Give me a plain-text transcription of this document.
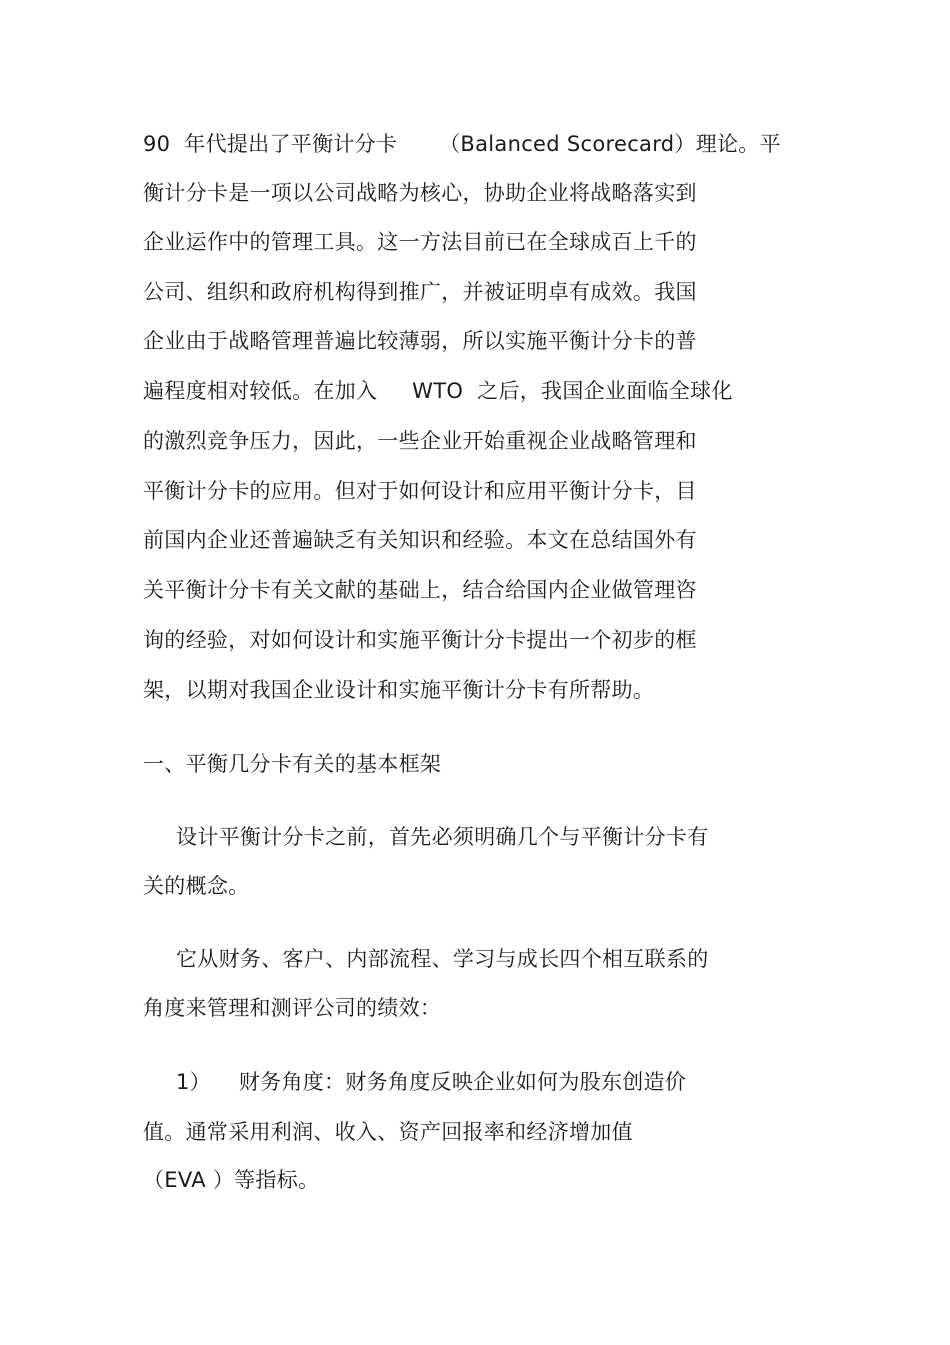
90  年代提出了平衡计分卡      （Balanced Scorecard）理论。平
衡计分卡是一项以公司战略为核心，协助企业将战略落实到
企业运作中的管理工具。这一方法目前已在全球成百上千的
公司、组织和政府机构得到推广，并被证明卓有成效。我国
企业由于战略管理普遍比较薄弱，所以实施平衡计分卡的普
遍程度相对较低。在加入     WTO  之后，我国企业面临全球化
的激烈竞争压力，因此，一些企业开始重视企业战略管理和
平衡计分卡的应用。但对于如何设计和应用平衡计分卡，目
前国内企业还普遍缺乏有关知识和经验。本文在总结国外有
关平衡计分卡有关文献的基础上，结合给国内企业做管理咨
询的经验，对如何设计和实施平衡计分卡提出一个初步的框
架，以期对我国企业设计和实施平衡计分卡有所帮助。
一、平衡几分卡有关的基本框架
设计平衡计分卡之前，首先必须明确几个与平衡计分卡有
关的概念。
它从财务、客户、内部流程、学习与成长四个相互联系的
角度来管理和测评公司的绩效：
1）    财务角度：财务角度反映企业如何为股东创造价
值。通常采用利润、收入、资产回报率和经济增加值
（EVA ）等指标。
